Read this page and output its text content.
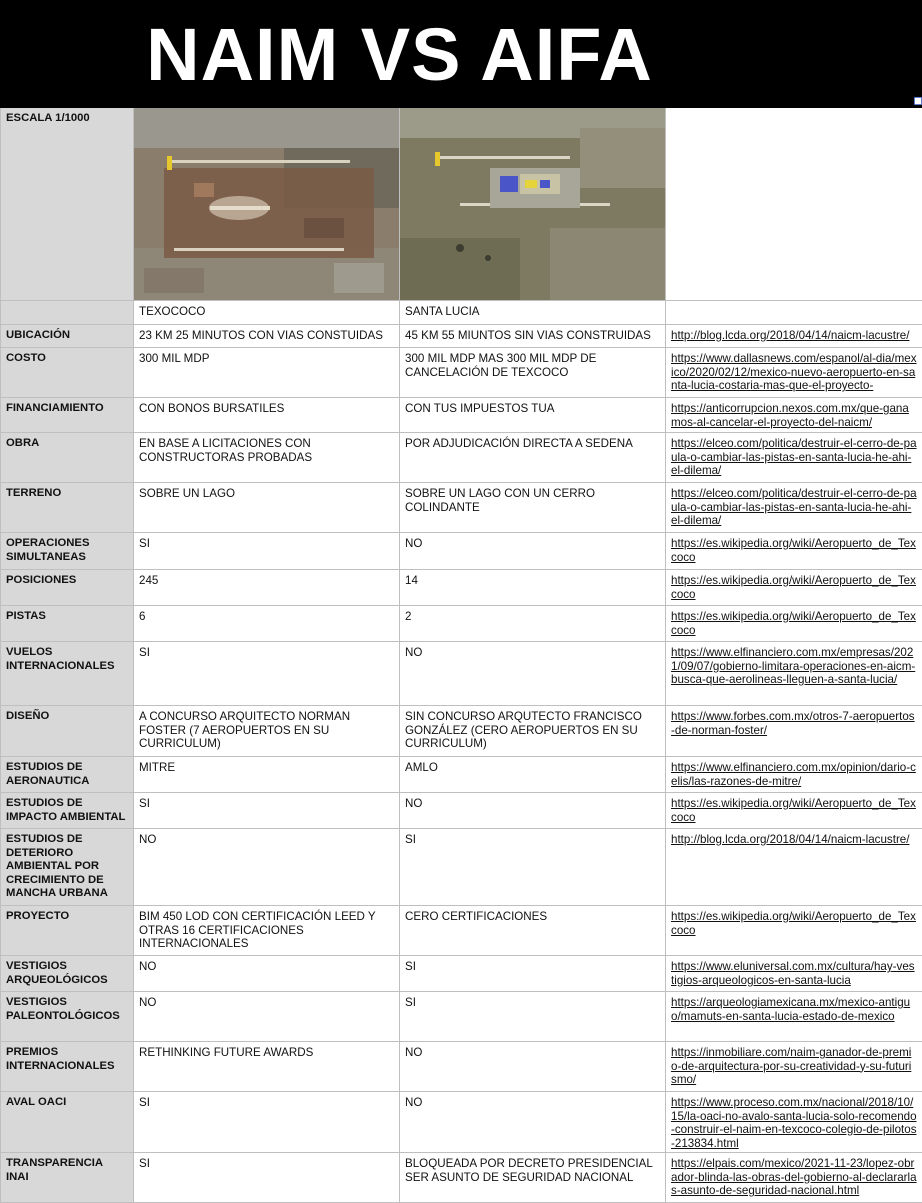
	NAIM VS AIFA		

ESCALA 1/1000	

	TEXOCOCO	SANTA LUCIA	
UBICACIÓN	23 KM 25 MINUTOS CON VIAS CONSTUIDAS	45 KM 55 MIUNTOS SIN VIAS CONSTRUIDAS	http://blog.lcda.org/2018/04/14/naicm-lacustre/
COSTO	300 MIL MDP	300 MIL MDP MAS 300 MIL MDP DE CANCELACIÓN DE TEXCOCO	https://www.dallasnews.com/espanol/al-dia/mexico/2020/02/12/mexico-nuevo-aeropuerto-en-santa-lucia-costaria-mas-que-el-proyecto-
FINANCIAMIENTO	CON BONOS BURSATILES	CON TUS IMPUESTOS TUA	https://anticorrupcion.nexos.com.mx/que-ganamos-al-cancelar-el-proyecto-del-naicm/
OBRA	EN BASE A LICITACIONES CON CONSTRUCTORAS PROBADAS	POR ADJUDICACIÓN DIRECTA A SEDENA	https://elceo.com/politica/destruir-el-cerro-de-paula-o-cambiar-las-pistas-en-santa-lucia-he-ahi-el-dilema/
TERRENO	SOBRE UN LAGO	SOBRE UN LAGO CON UN CERRO COLINDANTE	https://elceo.com/politica/destruir-el-cerro-de-paula-o-cambiar-las-pistas-en-santa-lucia-he-ahi-el-dilema/
OPERACIONES SIMULTANEAS	SI	NO	https://es.wikipedia.org/wiki/Aeropuerto_de_Texcoco
POSICIONES	245	14	https://es.wikipedia.org/wiki/Aeropuerto_de_Texcoco
PISTAS	6	2	https://es.wikipedia.org/wiki/Aeropuerto_de_Texcoco
VUELOS INTERNACIONALES	SI	NO	https://www.elfinanciero.com.mx/empresas/2021/09/07/gobierno-limitara-operaciones-en-aicm-busca-que-aerolineas-lleguen-a-santa-lucia/
DISEÑO	A CONCURSO ARQUITECTO NORMAN FOSTER (7 AEROPUERTOS EN SU CURRICULUM)	SIN CONCURSO ARQUTECTO FRANCISCO GONZÁLEZ (CERO AEROPUERTOS EN SU CURRICULUM)	https://www.forbes.com.mx/otros-7-aeropuertos-de-norman-foster/
ESTUDIOS DE AERONAUTICA	MITRE	AMLO	https://www.elfinanciero.com.mx/opinion/dario-celis/las-razones-de-mitre/
ESTUDIOS DE IMPACTO AMBIENTAL	SI	NO	https://es.wikipedia.org/wiki/Aeropuerto_de_Texcoco
ESTUDIOS DE DETERIORO AMBIENTAL POR CRECIMIENTO DE MANCHA URBANA	NO	SI	http://blog.lcda.org/2018/04/14/naicm-lacustre/
PROYECTO	BIM 450 LOD CON CERTIFICACIÓN LEED Y OTRAS 16 CERTIFICACIONES INTERNACIONALES	CERO CERTIFICACIONES	https://es.wikipedia.org/wiki/Aeropuerto_de_Texcoco
VESTIGIOS ARQUEOLÓGICOS	NO	SI	https://www.eluniversal.com.mx/cultura/hay-vestigios-arqueologicos-en-santa-lucia
VESTIGIOS PALEONTOLÓGICOS	NO	SI	https://arqueologiamexicana.mx/mexico-antiguo/mamuts-en-santa-lucia-estado-de-mexico
PREMIOS INTERNACIONALES	RETHINKING FUTURE AWARDS	NO	https://inmobiliare.com/naim-ganador-de-premio-de-arquitectura-por-su-creatividad-y-su-futurismo/
AVAL OACI	SI	NO	https://www.proceso.com.mx/nacional/2018/10/15/la-oaci-no-avalo-santa-lucia-solo-recomendo-construir-el-naim-en-texcoco-colegio-de-pilotos-213834.html
TRANSPARENCIA INAI	SI	BLOQUEADA POR DECRETO PRESIDENCIAL SER ASUNTO DE SEGURIDAD NACIONAL	https://elpais.com/mexico/2021-11-23/lopez-obrador-blinda-las-obras-del-gobierno-al-declararlas-asunto-de-seguridad-nacional.html
